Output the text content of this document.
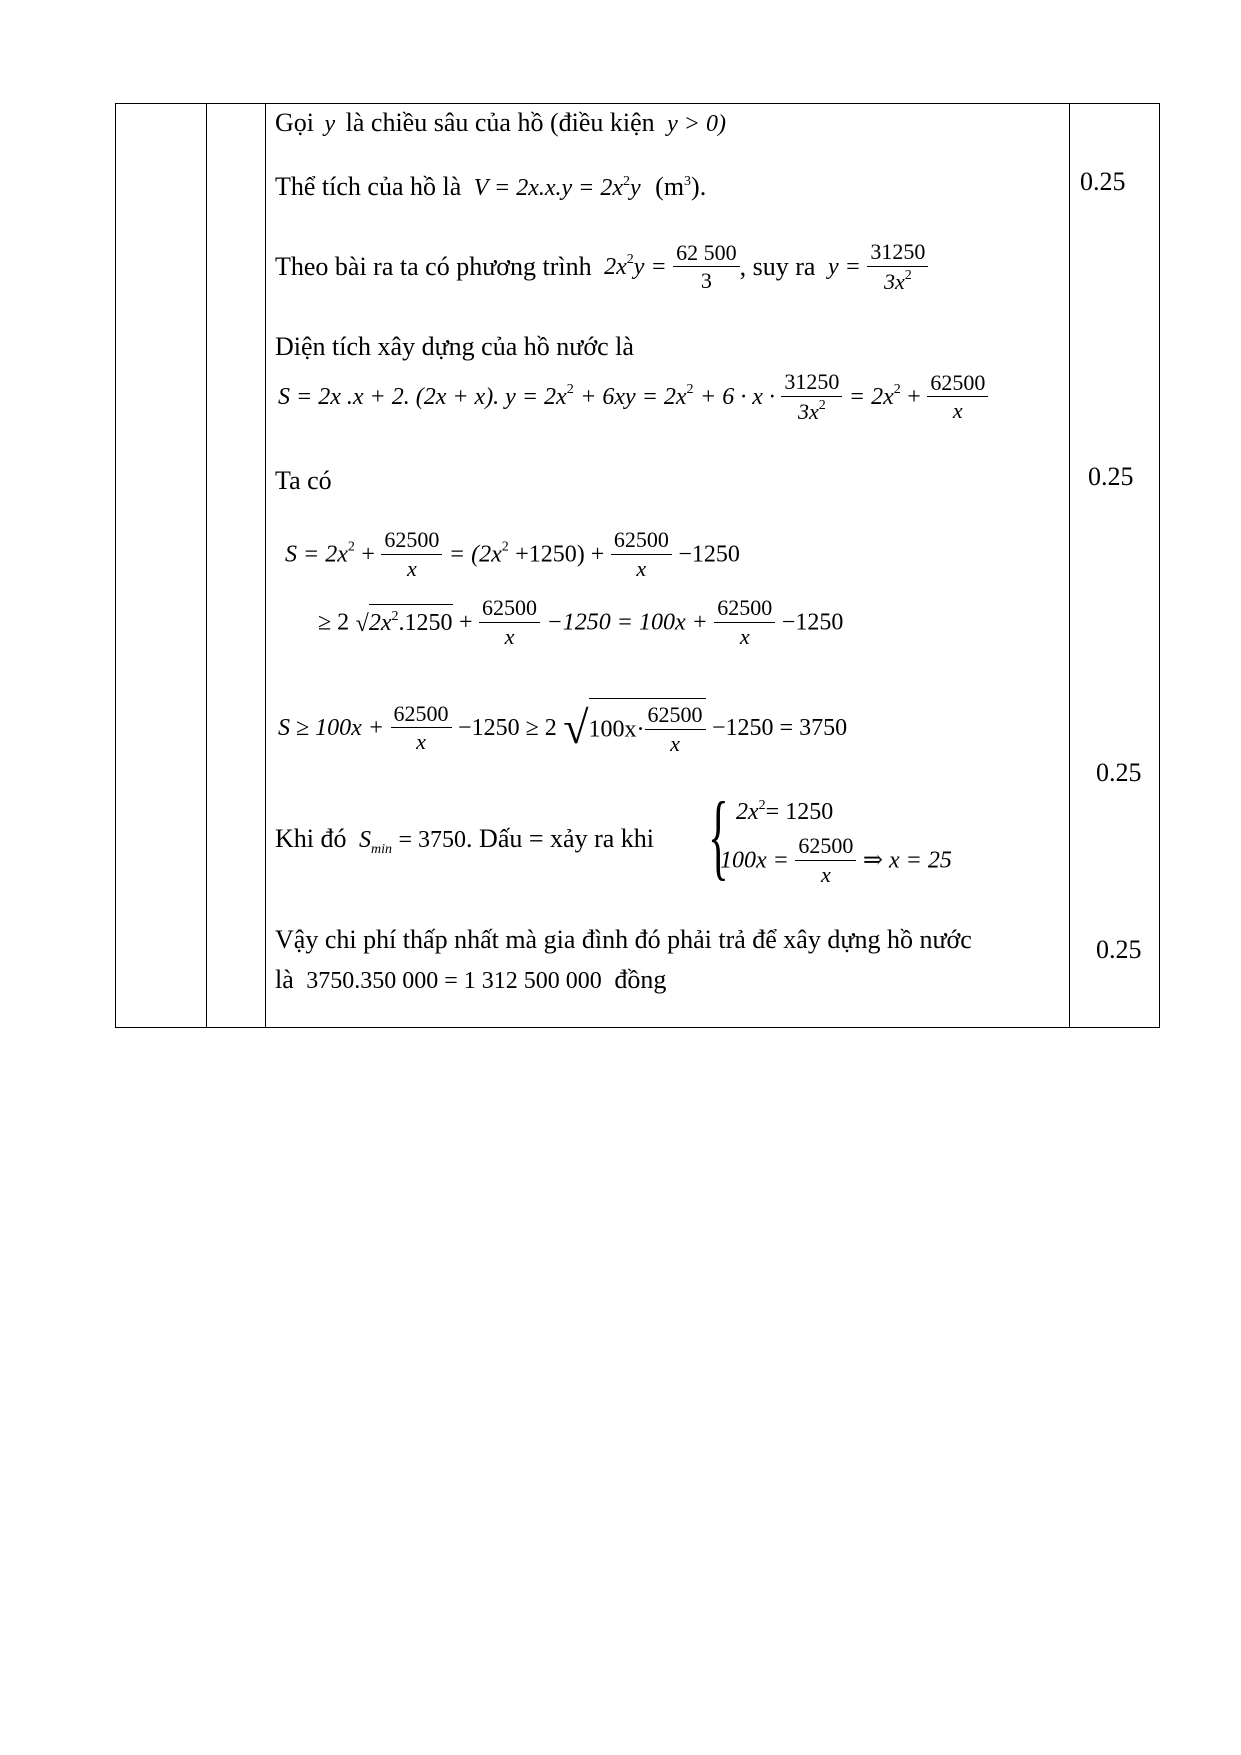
Gọi y là chiều sâu của hồ (điều kiện y > 0)
Thể tích của hồ là $V = 2x.x.y = 2x^2y$ $(m^3)$.	0.25
Theo bài ra ta có phương trình $2x^2y = \frac{62 500}{3}$ , suy ra $y = \frac{31250}{3x^2}$
Diện tích xây dựng của hồ nước là
S = 2x .x + 2. (2x + x). $y = 2x^2 + 6xy = 2x^2 + 6 \cdot x \cdot \frac{31250}{3x^2} = 2x^2 + \frac{62500}{x}$
Ta có	0.25
$S = 2x^2 + \frac{62500}{x} = (2x^2 +1250) + \frac{62500}{x} -1250$
≥ 2 $√2x^2.1250 + \frac{62500}{x} -1250 = 100x + \frac{62500}{x} -1250$
$S \ge 100x + \frac{62500}{x} -1250 \ge 2$ $√100x\cdot \frac{62500}{x} -1250 = 3750$
0.25
Khi đó $S_{min} = 3750$. Dấu = xảy ra khi { $2x^2= 1250$
$100x = \frac{62500}{x}$ ⇒ x = 25
Vậy chi phí thấp nhất mà gia đình đó phải trả để xây dựng hồ nước
là 3750.350 000 = 1 312 500 000 đồng
0.25
